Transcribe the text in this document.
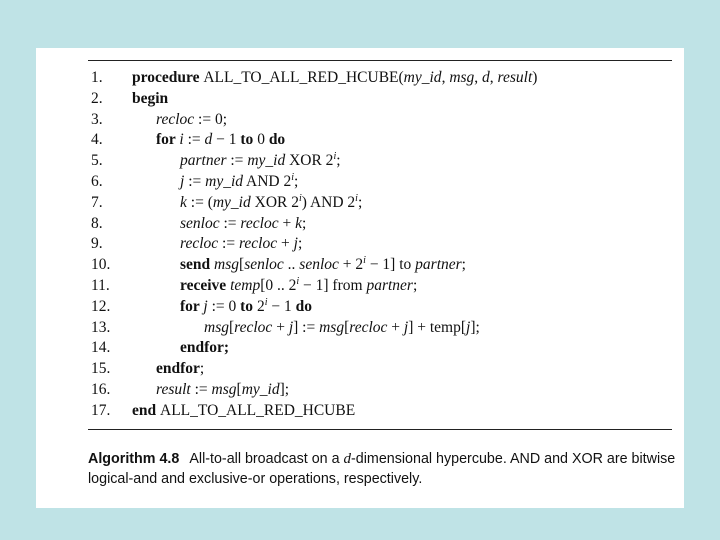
1. procedure ALL_TO_ALL_RED_HCUBE(my_id, msg, d, result)
2. begin
3.	recloc := 0;
4.	for i := d − 1 to 0 do
5.	partner := my_id XOR 2$^i$;
6.	j := my_id AND 2$^i$;
7.	k := (my_id XOR 2$^i$) AND 2$^i$;
8.	senloc := recloc + k;
9.	recloc := recloc + j;
10.	send msg[senloc .. senloc + $2^i - 1$] to partner;
11.	receive temp[0 .. $2^i - 1$] from partner;
12.	for j := 0 to $2^i - 1$ do
13.	msg[recloc + j] := msg[recloc + j] + temp[j];
14.	endfor;
15.	endfor;
16.	result := msg[my_id];
17. end ALL_TO_ALL_RED_HCUBE
Algorithm 4.8 All-to-all broadcast on a d-dimensional hypercube. AND and XOR are bitwise logical-and and exclusive-or operations, respectively.
